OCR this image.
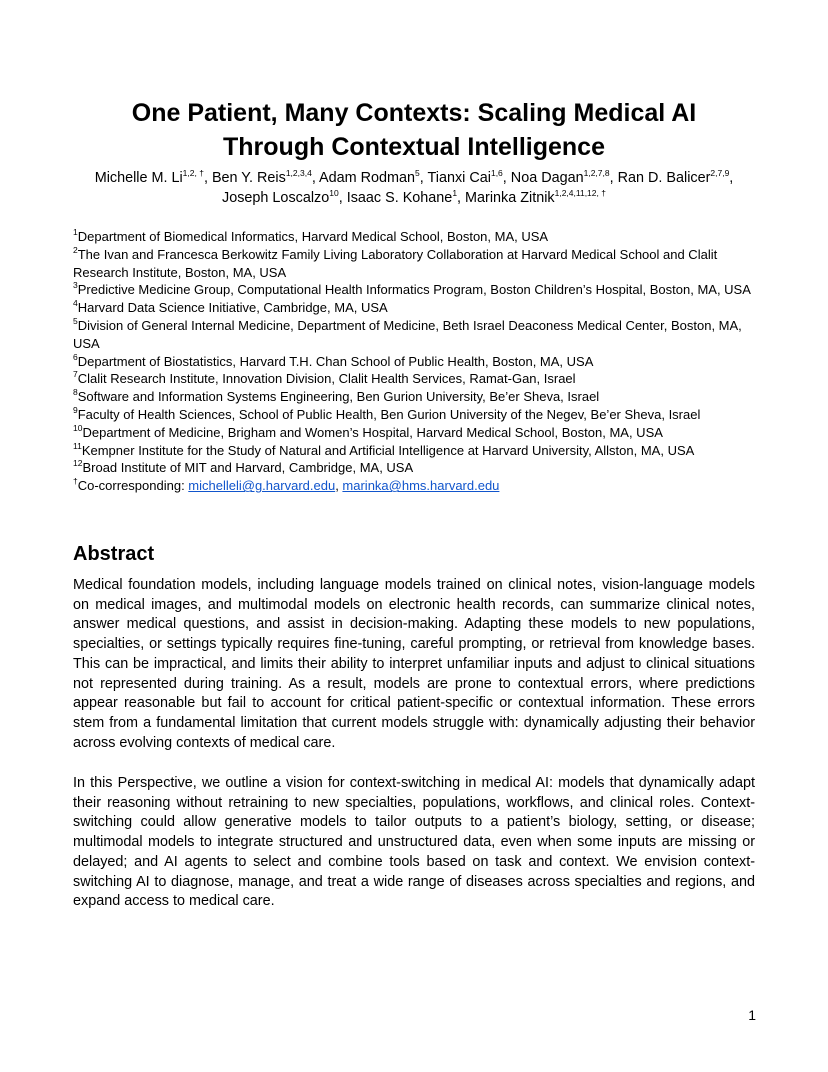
One Patient, Many Contexts: Scaling Medical AI
Through Contextual Intelligence
Michelle M. $Li^{1,2, \dagger}$, Ben Y. Reis$^{1,2,3,4}$, Adam Rodman$^5$, Tianxi Cai$^{1,6}$, Noa Dagan$^{1,2,7,8}$, Ran D. Balicer$^{2,7,9}$,
Joseph Loscalzo$^{10}$, Isaac S. Kohane$^1$, Marinka Zitnik$^{1,2,4,11,12, \dagger}$

$^1$Department of Biomedical Informatics, Harvard Medical School, Boston, MA, USA

$^2$The Ivan and Francesca Berkowitz Family Living Laboratory Collaboration at Harvard Medical School and Clalit Research Institute, Boston, MA, USA

$^3$Predictive Medicine Group, Computational Health Informatics Program, Boston Children’s Hospital, Boston, MA, USA

$^4$Harvard Data Science Initiative, Cambridge, MA, USA

$^5$Division of General Internal Medicine, Department of Medicine, Beth Israel Deaconess Medical Center, Boston, MA, USA

$^6$Department of Biostatistics, Harvard T.H. Chan School of Public Health, Boston, MA, USA

$^7$Clalit Research Institute, Innovation Division, Clalit Health Services, Ramat-Gan, Israel

$^8$Software and Information Systems Engineering, Ben Gurion University, Be’er Sheva, Israel

$^9$Faculty of Health Sciences, School of Public Health, Ben Gurion University of the Negev, Be’er Sheva, Israel

$^{10}$Department of Medicine, Brigham and Women’s Hospital, Harvard Medical School, Boston, MA, USA

$^{11}$Kempner Institute for the Study of Natural and Artificial Intelligence at Harvard University, Allston, MA, USA

$^{12}$Broad Institute of MIT and Harvard, Cambridge, MA, USA

†Co-corresponding: michelleli@g.harvard.edu, marinka@hms.harvard.edu

Abstract

Medical foundation models, including language models trained on clinical notes, vision-language models on medical images, and multimodal models on electronic health records, can summarize clinical notes, answer medical questions, and assist in decision-making. Adapting these models to new populations, specialties, or settings typically requires fine-tuning, careful prompting, or retrieval from knowledge bases. This can be impractical, and limits their ability to interpret unfamiliar inputs and adjust to clinical situations not represented during training. As a result, models are prone to contextual errors, where predictions appear reasonable but fail to account for critical patient-specific or contextual information. These errors stem from a fundamental limitation that current models struggle with: dynamically adjusting their behavior across evolving contexts of medical care.

In this Perspective, we outline a vision for context-switching in medical AI: models that dynamically adapt their reasoning without retraining to new specialties, populations, workflows, and clinical roles. Context-switching could allow generative models to tailor outputs to a patient’s biology, setting, or disease; multimodal models to integrate structured and unstructured data, even when some inputs are missing or delayed; and AI agents to select and combine tools based on task and context. We envision context-switching AI to diagnose, manage, and treat a wide range of diseases across specialties and regions, and expand access to medical care.

1
